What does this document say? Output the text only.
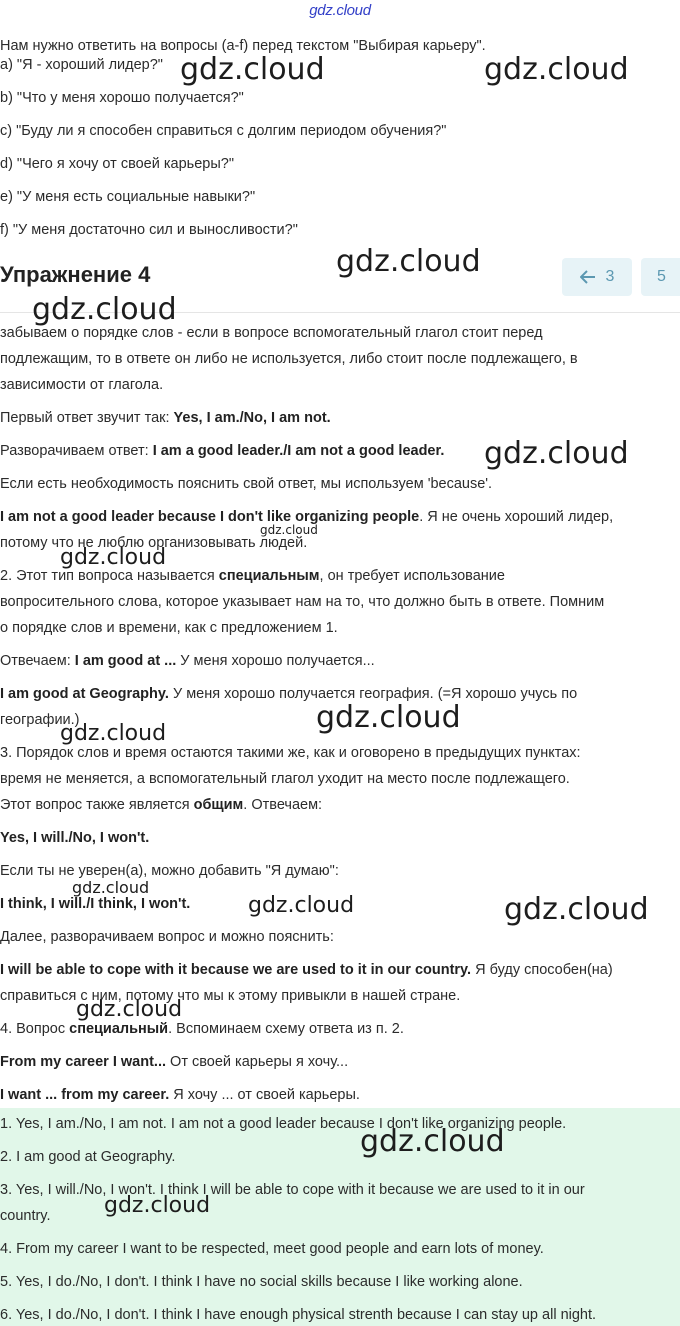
gdz.cloud
Нам нужно ответить на вопросы (a-f) перед текстом "Выбирая карьеру".
a) "Я - хороший лидер?"
b) "Что у меня хорошо получается?"
c) "Буду ли я способен справиться с долгим периодом обучения?"
d) "Чего я хочу от своей карьеры?"
e) "У меня есть социальные навыки?"
f) "У меня достаточно сил и выносливости?"
Упражнение 4	3	5
забываем о порядке слов - если в вопросе вспомогательный глагол стоит перед
подлежащим, то в ответе он либо не используется, либо стоит после подлежащего, в
зависимости от глагола.
Первый ответ звучит так: Yes, I am./No, I am not.
Разворачиваем ответ: I am a good leader./I am not a good leader.
Если есть необходимость пояснить свой ответ, мы используем 'because'.
I am not a good leader because I don't like organizing people. Я не очень хороший лидер,
потому что не люблю организовывать людей.
2. Этот тип вопроса называется специальным, он требует использование
вопросительного слова, которое указывает нам на то, что должно быть в ответе. Помним
о порядке слов и времени, как с предложением 1.
Отвечаем: I am good at ... У меня хорошо получается...
I am good at Geography. У меня хорошо получается география. (=Я хорошо учусь по
географии.)
3. Порядок слов и время остаются такими же, как и оговорено в предыдущих пунктах:
время не меняется, а вспомогательный глагол уходит на место после подлежащего.
Этот вопрос также является общим. Отвечаем:
Yes, I will./No, I won't.
Если ты не уверен(а), можно добавить "Я думаю":
I think, I will./I think, I won't.
Далее, разворачиваем вопрос и можно пояснить:
I will be able to cope with it because we are used to it in our country. Я буду способен(на)
справиться с ним, потому что мы к этому привыкли в нашей стране.
4. Вопрос специальный. Вспоминаем схему ответа из п. 2.
From my career I want... От своей карьеры я хочу...
I want ... from my career. Я хочу ... от своей карьеры.
1. Yes, I am./No, I am not. I am not a good leader because I don't like organizing people.
2. I am good at Geography.
3. Yes, I will./No, I won't. I think I will be able to cope with it because we are used to it in our
country.
4. From my career I want to be respected, meet good people and earn lots of money.
5. Yes, I do./No, I don't. I think I have no social skills because I like working alone.
6. Yes, I do./No, I don't. I think I have enough physical strenth because I can stay up all night.
gdz.cloud	gdz.cloud
gdz.cloud
gdz.cloud
gdz.cloud
gdz.cloud
gdz.cloud
gdz.cloud
gdz.cloud
gdz.cloud
gdz.cloud	gdz.cloud
gdz.cloud
gdz.cloud
gdz.cloud
